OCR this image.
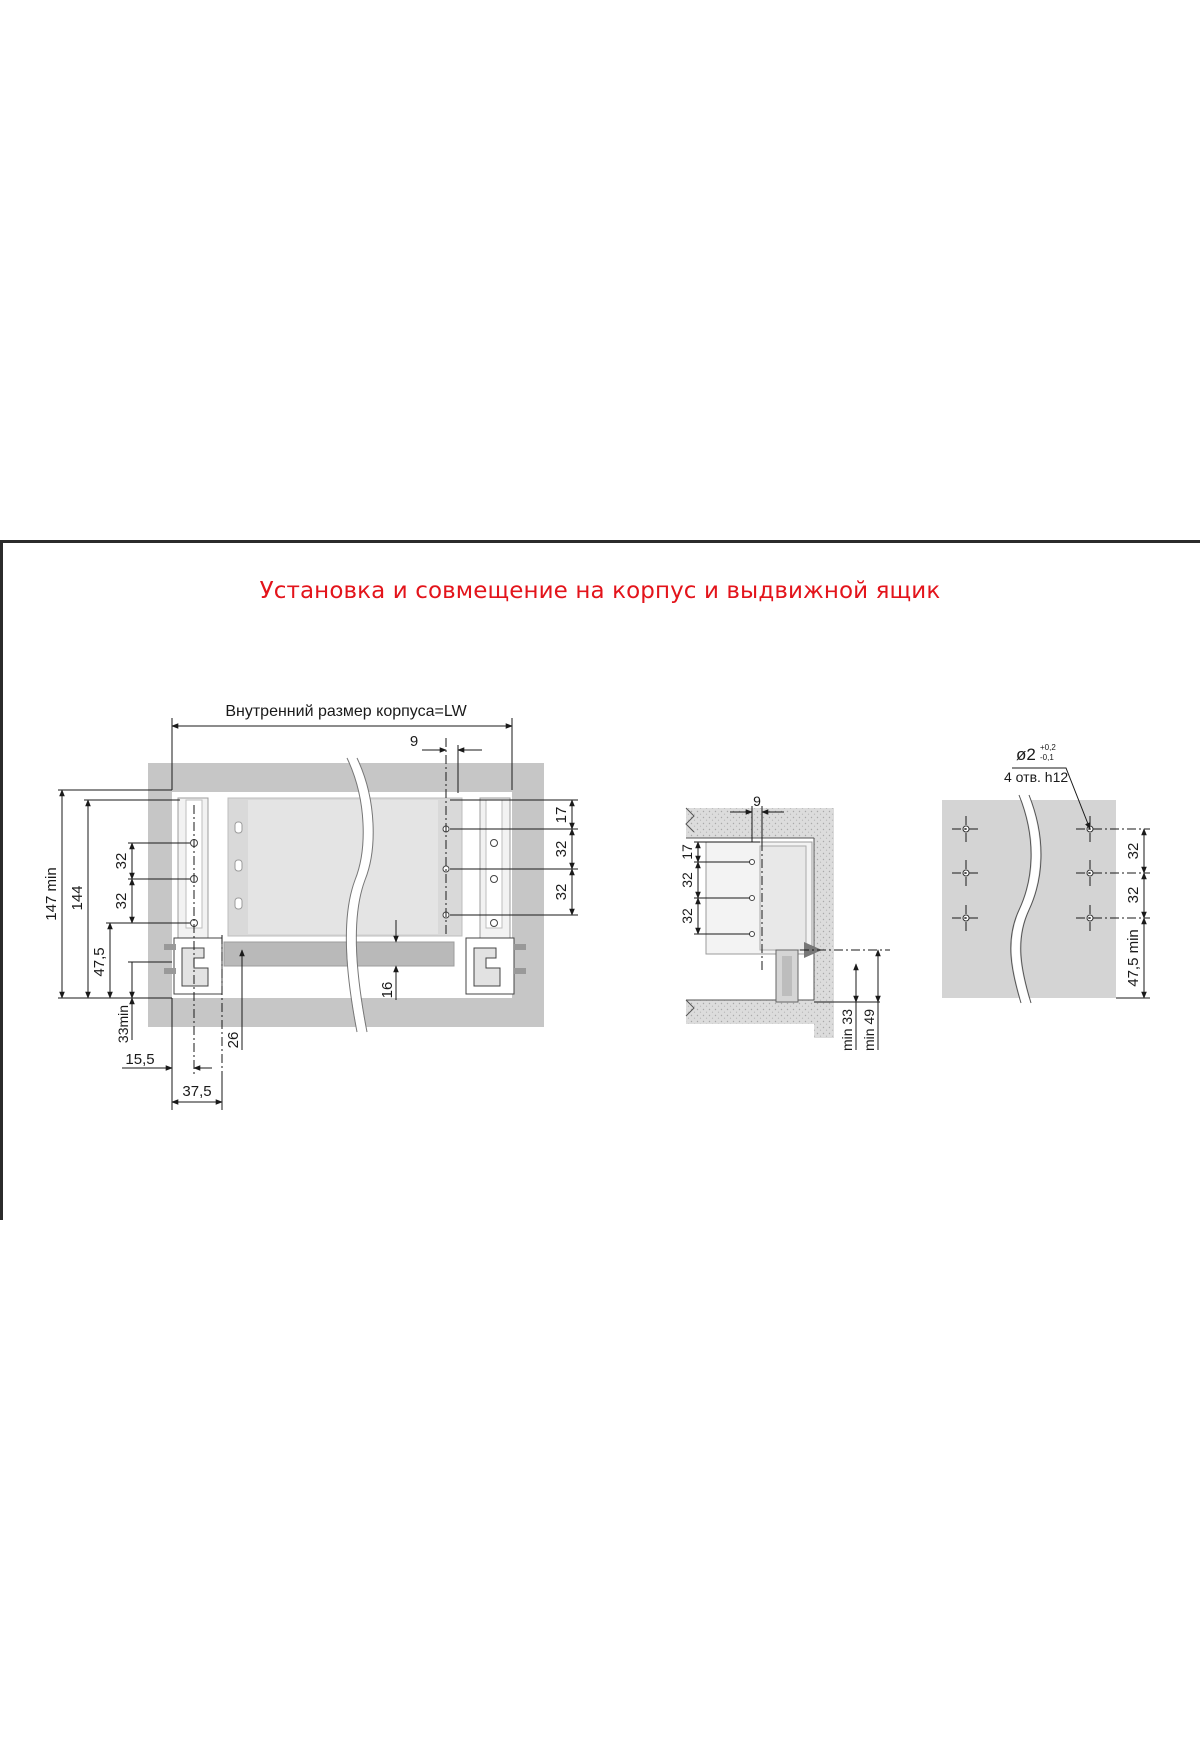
Установка и совмещение на корпус и выдвижной ящик
Внутренний размер корпуса=LW
9
147 min 144
47,5
33min
32
32
15,5
37,5
26
16
17
32
32
9
17
32
32
min 33 min 49
ø2 +0,2
-0,1
4 отв. h12
32
32
47,5 min
